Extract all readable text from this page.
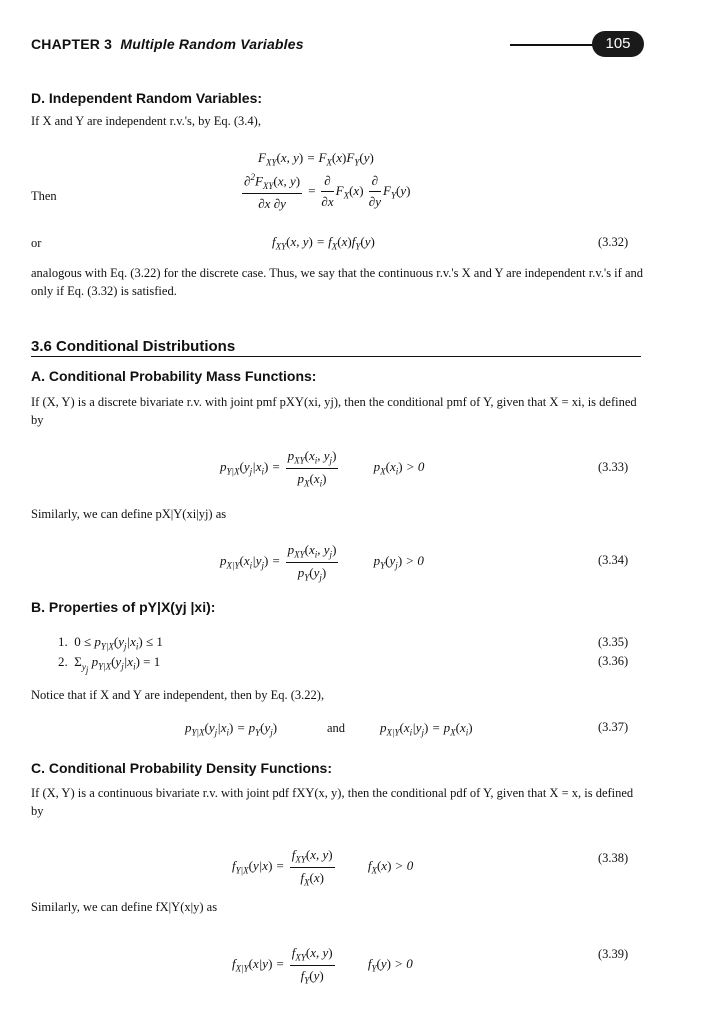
CHAPTER 3 Multiple Random Variables	105
D. Independent Random Variables:
If X and Y are independent r.v.'s, by Eq. (3.4),
$F_{XY}(x$, $y) = F_X(x)F_Y(y)$
Then	$\frac{\partial^2F_{XY}(x, y)}{\partial x \partial y} = \frac{\partial}{\partial x} F_X(x) \frac{\partial}{\partial y} F_Y(y)$
or	$f_{XY}(x$, $y) = f_X(x)f_Y(y)$	(3.32)
analogous with Eq. (3.22) for the discrete case. Thus, we say that the continuous r.v.'s X and Y are independent r.v.'s if and only if Eq. (3.32) is satisfied.
3.6 Conditional Distributions
A. Conditional Probability Mass Functions:
If (X, Y) is a discrete bivariate r.v. with joint pmf pXY(xi, yj), then the conditional pmf of Y, given that X = xi, is defined by
$p_{Y|X}(y_j|x_i) = \frac{p_{XY}(x_i, y_j)}{p_X(x_i)}$	$p_X(x_i) > 0$	(3.33)
Similarly, we can define pX|Y(xi|yj) as
$p_{X|Y}(x_i|y_j) = \frac{p_{XY}(x_i, y_j)}{p_Y(y_j)}$	$p_Y(y_j) > 0$	(3.34)
B. Properties of pY|X(yj |xi):
1.  $0 \le p_{Y|X}(y_j|x_i) \le 1$	(3.35)
2.  $\Sigma_{y_j}$ $p_{Y|X}(y_j|x_i) = 1$	(3.36)
Notice that if X and Y are independent, then by Eq. (3.22),
$p_{Y|X}(y_j|x_i) = p_Y(y_j)$	and	$p_{X|Y}(x_i|y_j) = p_X(x_i)$	(3.37)
C. Conditional Probability Density Functions:
If (X, Y) is a continuous bivariate r.v. with joint pdf fXY(x, y), then the conditional pdf of Y, given that X = x, is defined by
$f_{Y|X}(y|x) = \frac{f_{XY}(x, y)}{f_X(x)}$	$f_X(x) > 0$
(3.38)
Similarly, we can define fX|Y(x|y) as
$f_{X|Y}(x|y) = \frac{f_{XY}(x, y)}{f_Y(y)}$	$f_Y(y) > 0$
(3.39)
